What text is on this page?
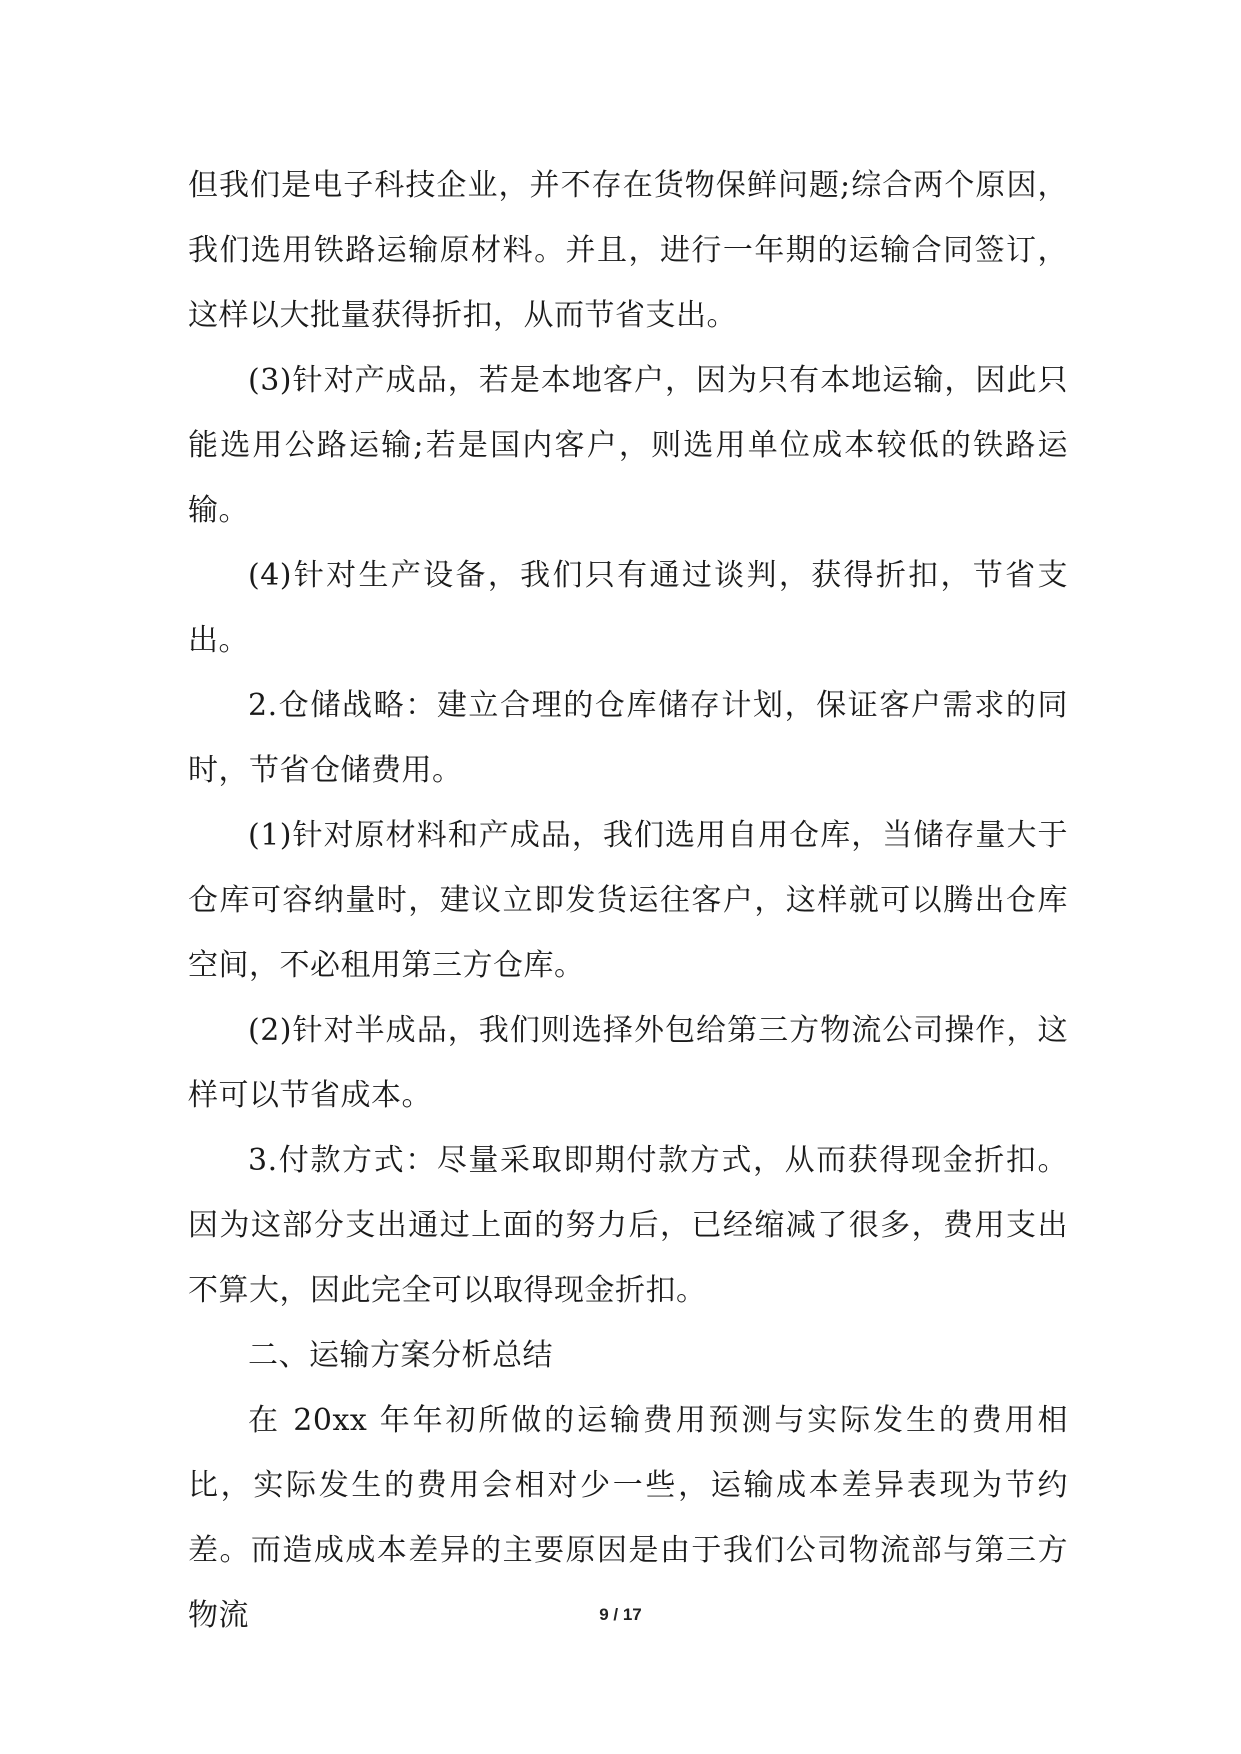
但我们是电子科技企业，并不存在货物保鲜问题;综合两个原因，我们选用铁路运输原材料。并且，进行一年期的运输合同签订，这样以大批量获得折扣，从而节省支出。

(3)针对产成品，若是本地客户，因为只有本地运输，因此只能选用公路运输;若是国内客户，则选用单位成本较低的铁路运输。

(4)针对生产设备，我们只有通过谈判，获得折扣，节省支出。

2.仓储战略：建立合理的仓库储存计划，保证客户需求的同时，节省仓储费用。

(1)针对原材料和产成品，我们选用自用仓库，当储存量大于仓库可容纳量时，建议立即发货运往客户，这样就可以腾出仓库空间，不必租用第三方仓库。

(2)针对半成品，我们则选择外包给第三方物流公司操作，这样可以节省成本。

3.付款方式：尽量采取即期付款方式，从而获得现金折扣。因为这部分支出通过上面的努力后，已经缩减了很多，费用支出不算大，因此完全可以取得现金折扣。

二、运输方案分析总结

在 20xx 年年初所做的运输费用预测与实际发生的费用相比，实际发生的费用会相对少一些，运输成本差异表现为节约差。而造成成本差异的主要原因是由于我们公司物流部与第三方物流	9 / 17
